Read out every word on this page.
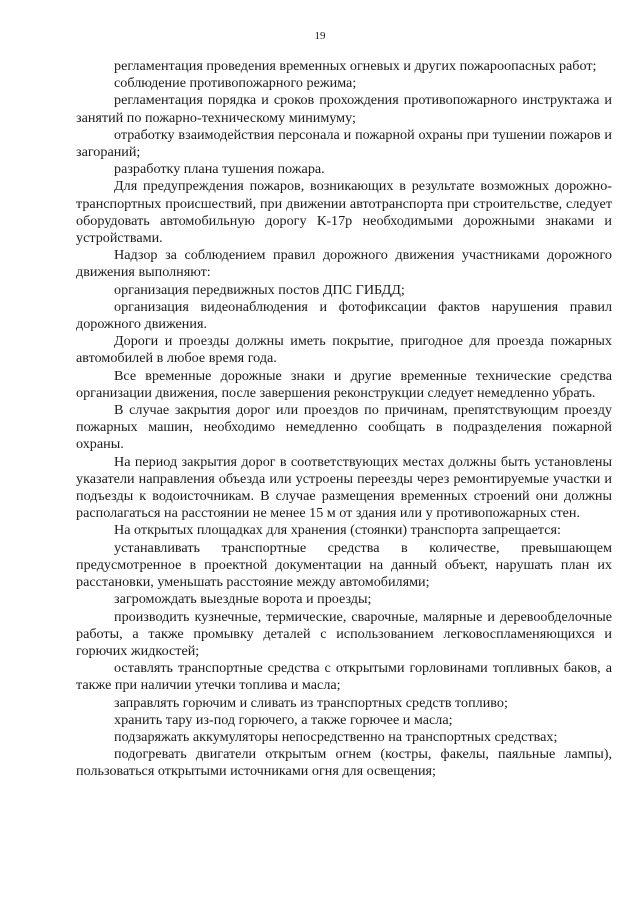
19

регламентация проведения временных огневых и других пожароопасных работ;

соблюдение противопожарного режима;

регламентация порядка и сроков прохождения противопожарного инструктажа и занятий по пожарно-техническому минимуму;

отработку взаимодействия персонала и пожарной охраны при тушении пожаров и загораний;

разработку плана тушения пожара.

Для предупреждения пожаров, возникающих в результате возможных дорожно-транспортных происшествий, при движении автотранспорта при строительстве, следует оборудовать автомобильную дорогу К-17р необходимыми дорожными знаками и устройствами.

Надзор за соблюдением правил дорожного движения участниками дорожного движения выполняют:

организация передвижных постов ДПС ГИБДД;

организация видеонаблюдения и фотофиксации фактов нарушения правил дорожного движения.

Дороги и проезды должны иметь покрытие, пригодное для проезда пожарных автомобилей в любое время года.

Все временные дорожные знаки и другие временные технические средства организации движения, после завершения реконструкции следует немедленно убрать.

В случае закрытия дорог или проездов по причинам, препятствующим проезду пожарных машин, необходимо немедленно сообщать в подразделения пожарной охраны.

На период закрытия дорог в соответствующих местах должны быть установлены указатели направления объезда или устроены переезды через ремонтируемые участки и подъезды к водоисточникам. В случае размещения временных строений они должны располагаться на расстоянии не менее 15 м от здания или у противопожарных стен.

На открытых площадках для хранения (стоянки) транспорта запрещается:

устанавливать транспортные средства в количестве, превышающем предусмотренное в проектной документации на данный объект, нарушать план их расстановки, уменьшать расстояние между автомобилями;

загромождать выездные ворота и проезды;

производить кузнечные, термические, сварочные, малярные и деревообделочные работы, а также промывку деталей с использованием легковоспламеняющихся и горючих жидкостей;

оставлять транспортные средства с открытыми горловинами топливных баков, а также при наличии утечки топлива и масла;

заправлять горючим и сливать из транспортных средств топливо;

хранить тару из-под горючего, а также горючее и масла;

подзаряжать аккумуляторы непосредственно на транспортных средствах;

подогревать двигатели открытым огнем (костры, факелы, паяльные лампы), пользоваться открытыми источниками огня для освещения;
